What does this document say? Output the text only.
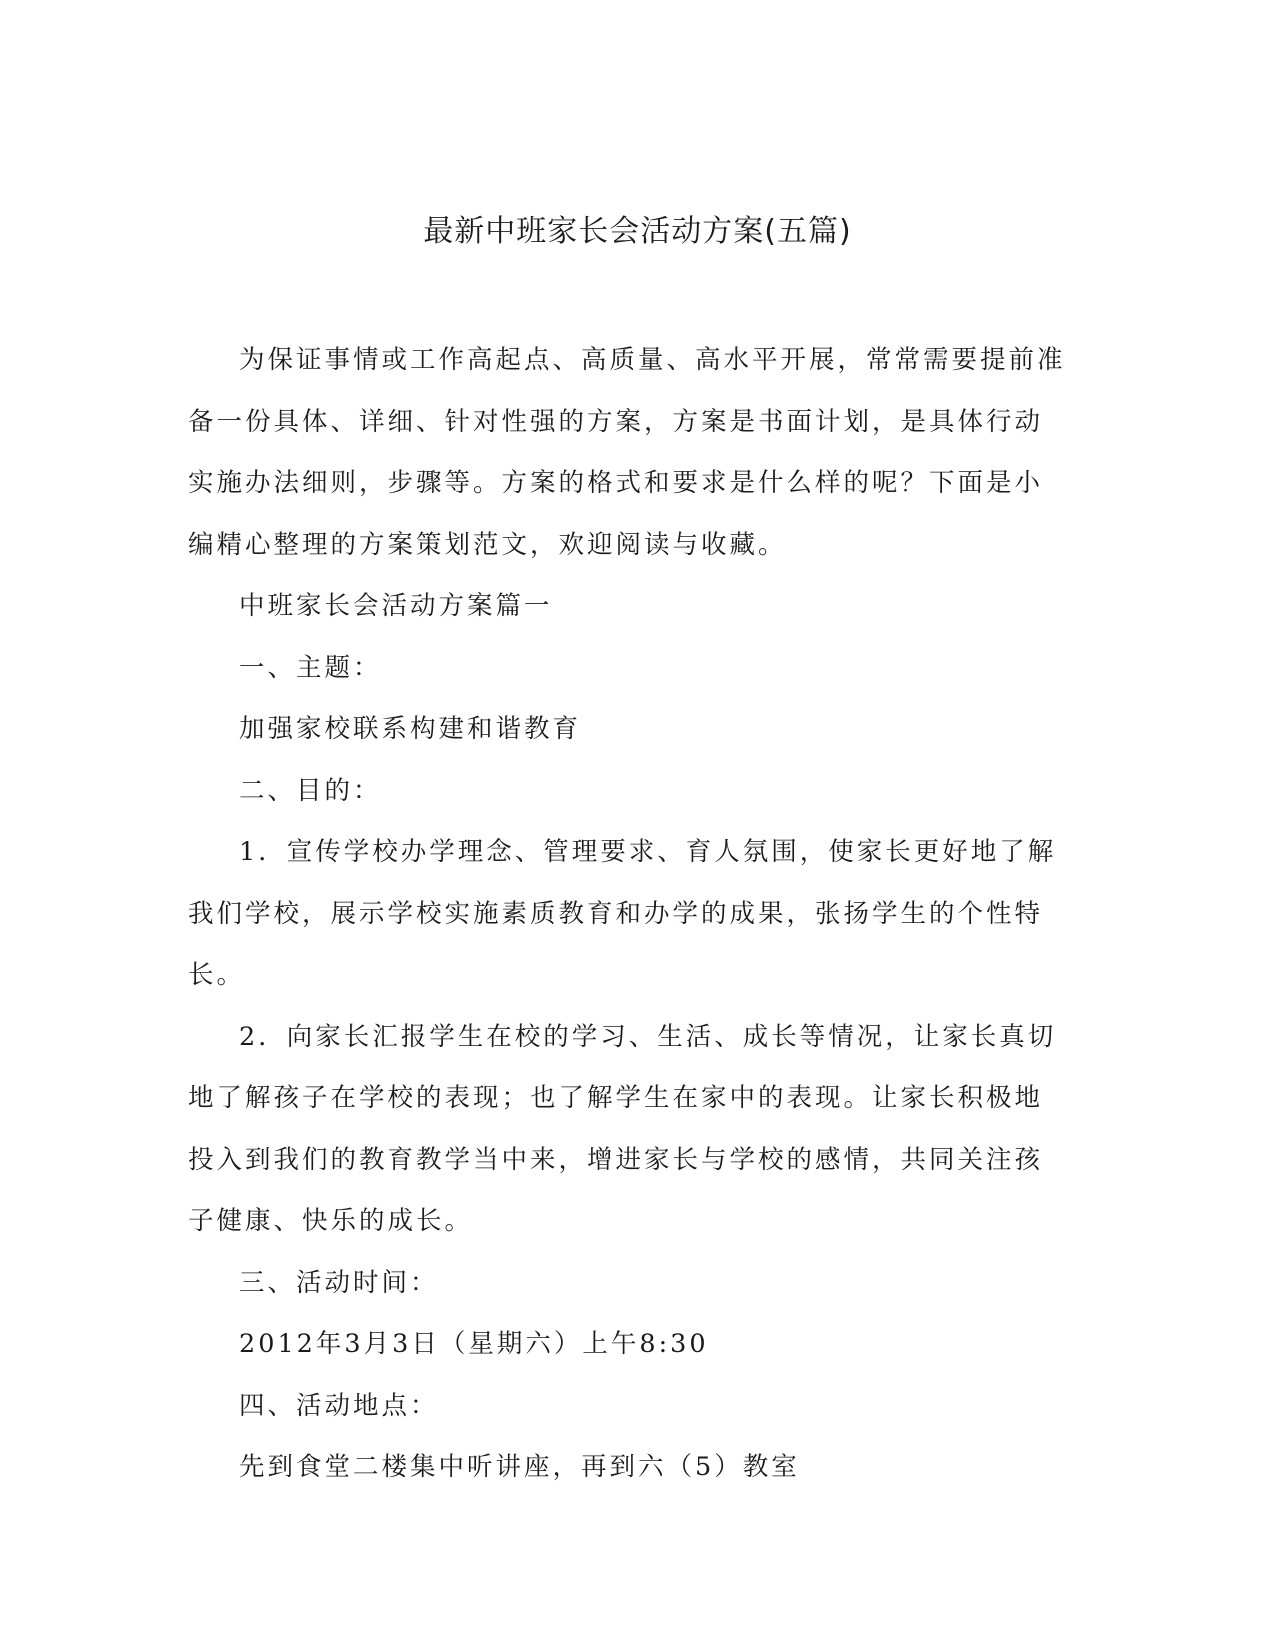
最新中班家长会活动方案(五篇)

为保证事情或工作高起点、高质量、高水平开展，常常需要提前准备一份具体、详细、针对性强的方案，方案是书面计划，是具体行动实施办法细则，步骤等。方案的格式和要求是什么样的呢？下面是小编精心整理的方案策划范文，欢迎阅读与收藏。

中班家长会活动方案篇一

一、主题：

加强家校联系构建和谐教育

二、目的：

1．宣传学校办学理念、管理要求、育人氛围，使家长更好地了解我们学校，展示学校实施素质教育和办学的成果，张扬学生的个性特长。

2．向家长汇报学生在校的学习、生活、成长等情况，让家长真切地了解孩子在学校的表现；也了解学生在家中的表现。让家长积极地投入到我们的教育教学当中来，增进家长与学校的感情，共同关注孩子健康、快乐的成长。

三、活动时间：

2012年3月3日（星期六）上午8:30

四、活动地点：

先到食堂二楼集中听讲座，再到六（5）教室
